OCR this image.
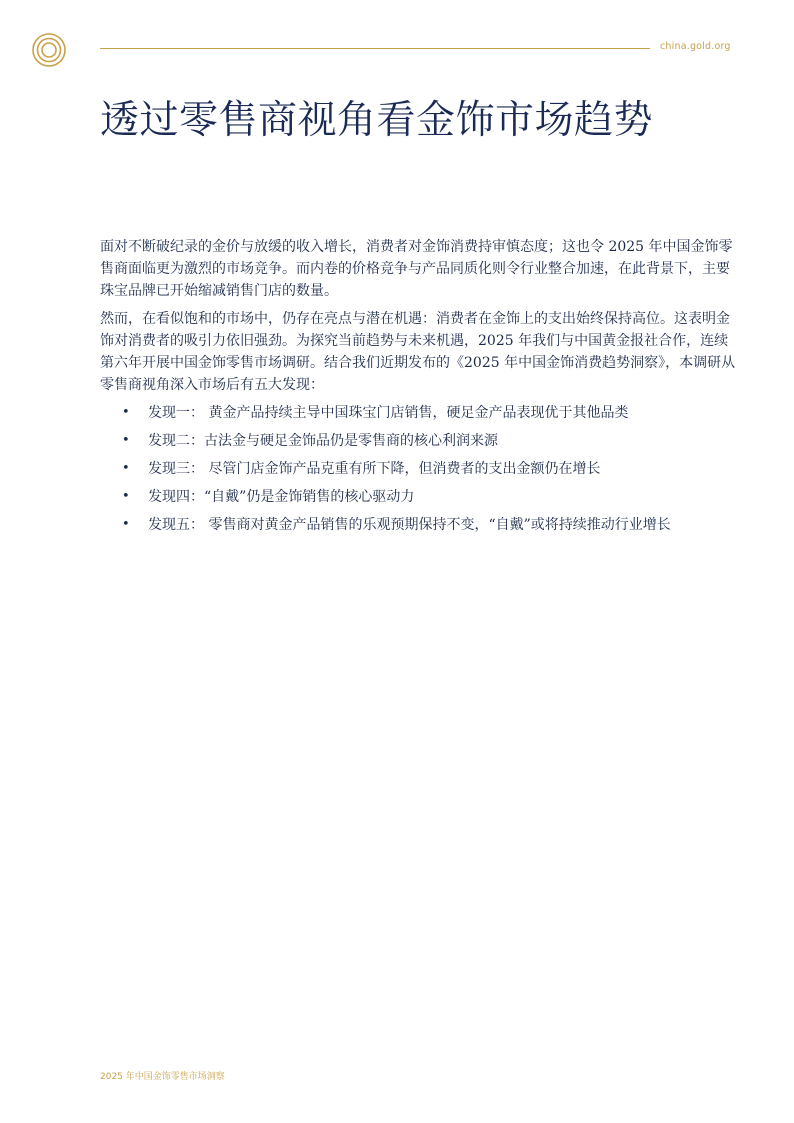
china.gold.org
透过零售商视角看金饰市场趋势

面对不断破纪录的金价与放缓的收入增长，消费者对金饰消费持审慎态度；这也令 2025 年中国金饰零售商面临更为激烈的市场竞争。而内卷的价格竞争与产品同质化则令行业整合加速，在此背景下，主要珠宝品牌已开始缩减销售门店的数量。

然而，在看似饱和的市场中，仍存在亮点与潜在机遇：消费者在金饰上的支出始终保持高位。这表明金饰对消费者的吸引力依旧强劲。为探究当前趋势与未来机遇，2025 年我们与中国黄金报社合作，连续第六年开展中国金饰零售市场调研。结合我们近期发布的《2025 年中国金饰消费趋势洞察》，本调研从零售商视角深入市场后有五大发现：

• 发现一： 黄金产品持续主导中国珠宝门店销售，硬足金产品表现优于其他品类
• 发现二：古法金与硬足金饰品仍是零售商的核心利润来源
• 发现三： 尽管门店金饰产品克重有所下降，但消费者的支出金额仍在增长
• 发现四：“自戴”仍是金饰销售的核心驱动力
• 发现五： 零售商对黄金产品销售的乐观预期保持不变，“自戴”或将持续推动行业增长
2025 年中国金饰零售市场洞察
